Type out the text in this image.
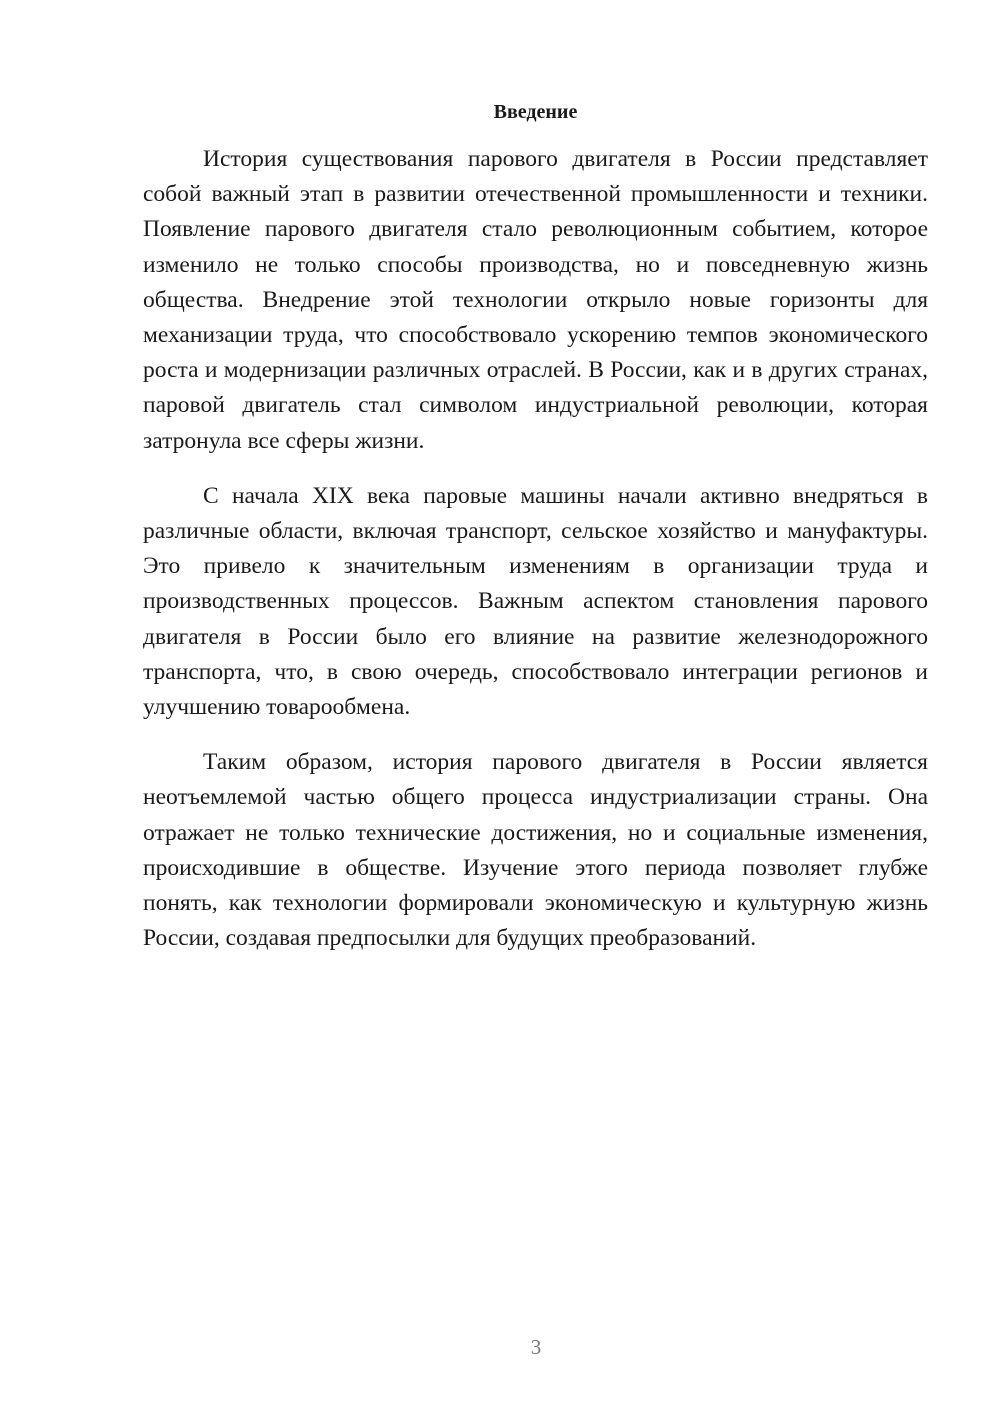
Введение

История существования парового двигателя в России представляет собой важный этап в развитии отечественной промышленности и техники. Появление парового двигателя стало революционным событием, которое изменило не только способы производства, но и повседневную жизнь общества. Внедрение этой технологии открыло новые горизонты для механизации труда, что способствовало ускорению темпов экономического роста и модернизации различных отраслей. В России, как и в других странах, паровой двигатель стал символом индустриальной революции, которая затронула все сферы жизни.

С начала XIX века паровые машины начали активно внедряться в различные области, включая транспорт, сельское хозяйство и мануфактуры. Это привело к значительным изменениям в организации труда и производственных процессов. Важным аспектом становления парового двигателя в России было его влияние на развитие железнодорожного транспорта, что, в свою очередь, способствовало интеграции регионов и улучшению товарообмена.

Таким образом, история парового двигателя в России является неотъемлемой частью общего процесса индустриализации страны. Она отражает не только технические достижения, но и социальные изменения, происходившие в обществе. Изучение этого периода позволяет глубже понять, как технологии формировали экономическую и культурную жизнь России, создавая предпосылки для будущих преобразований.

3
